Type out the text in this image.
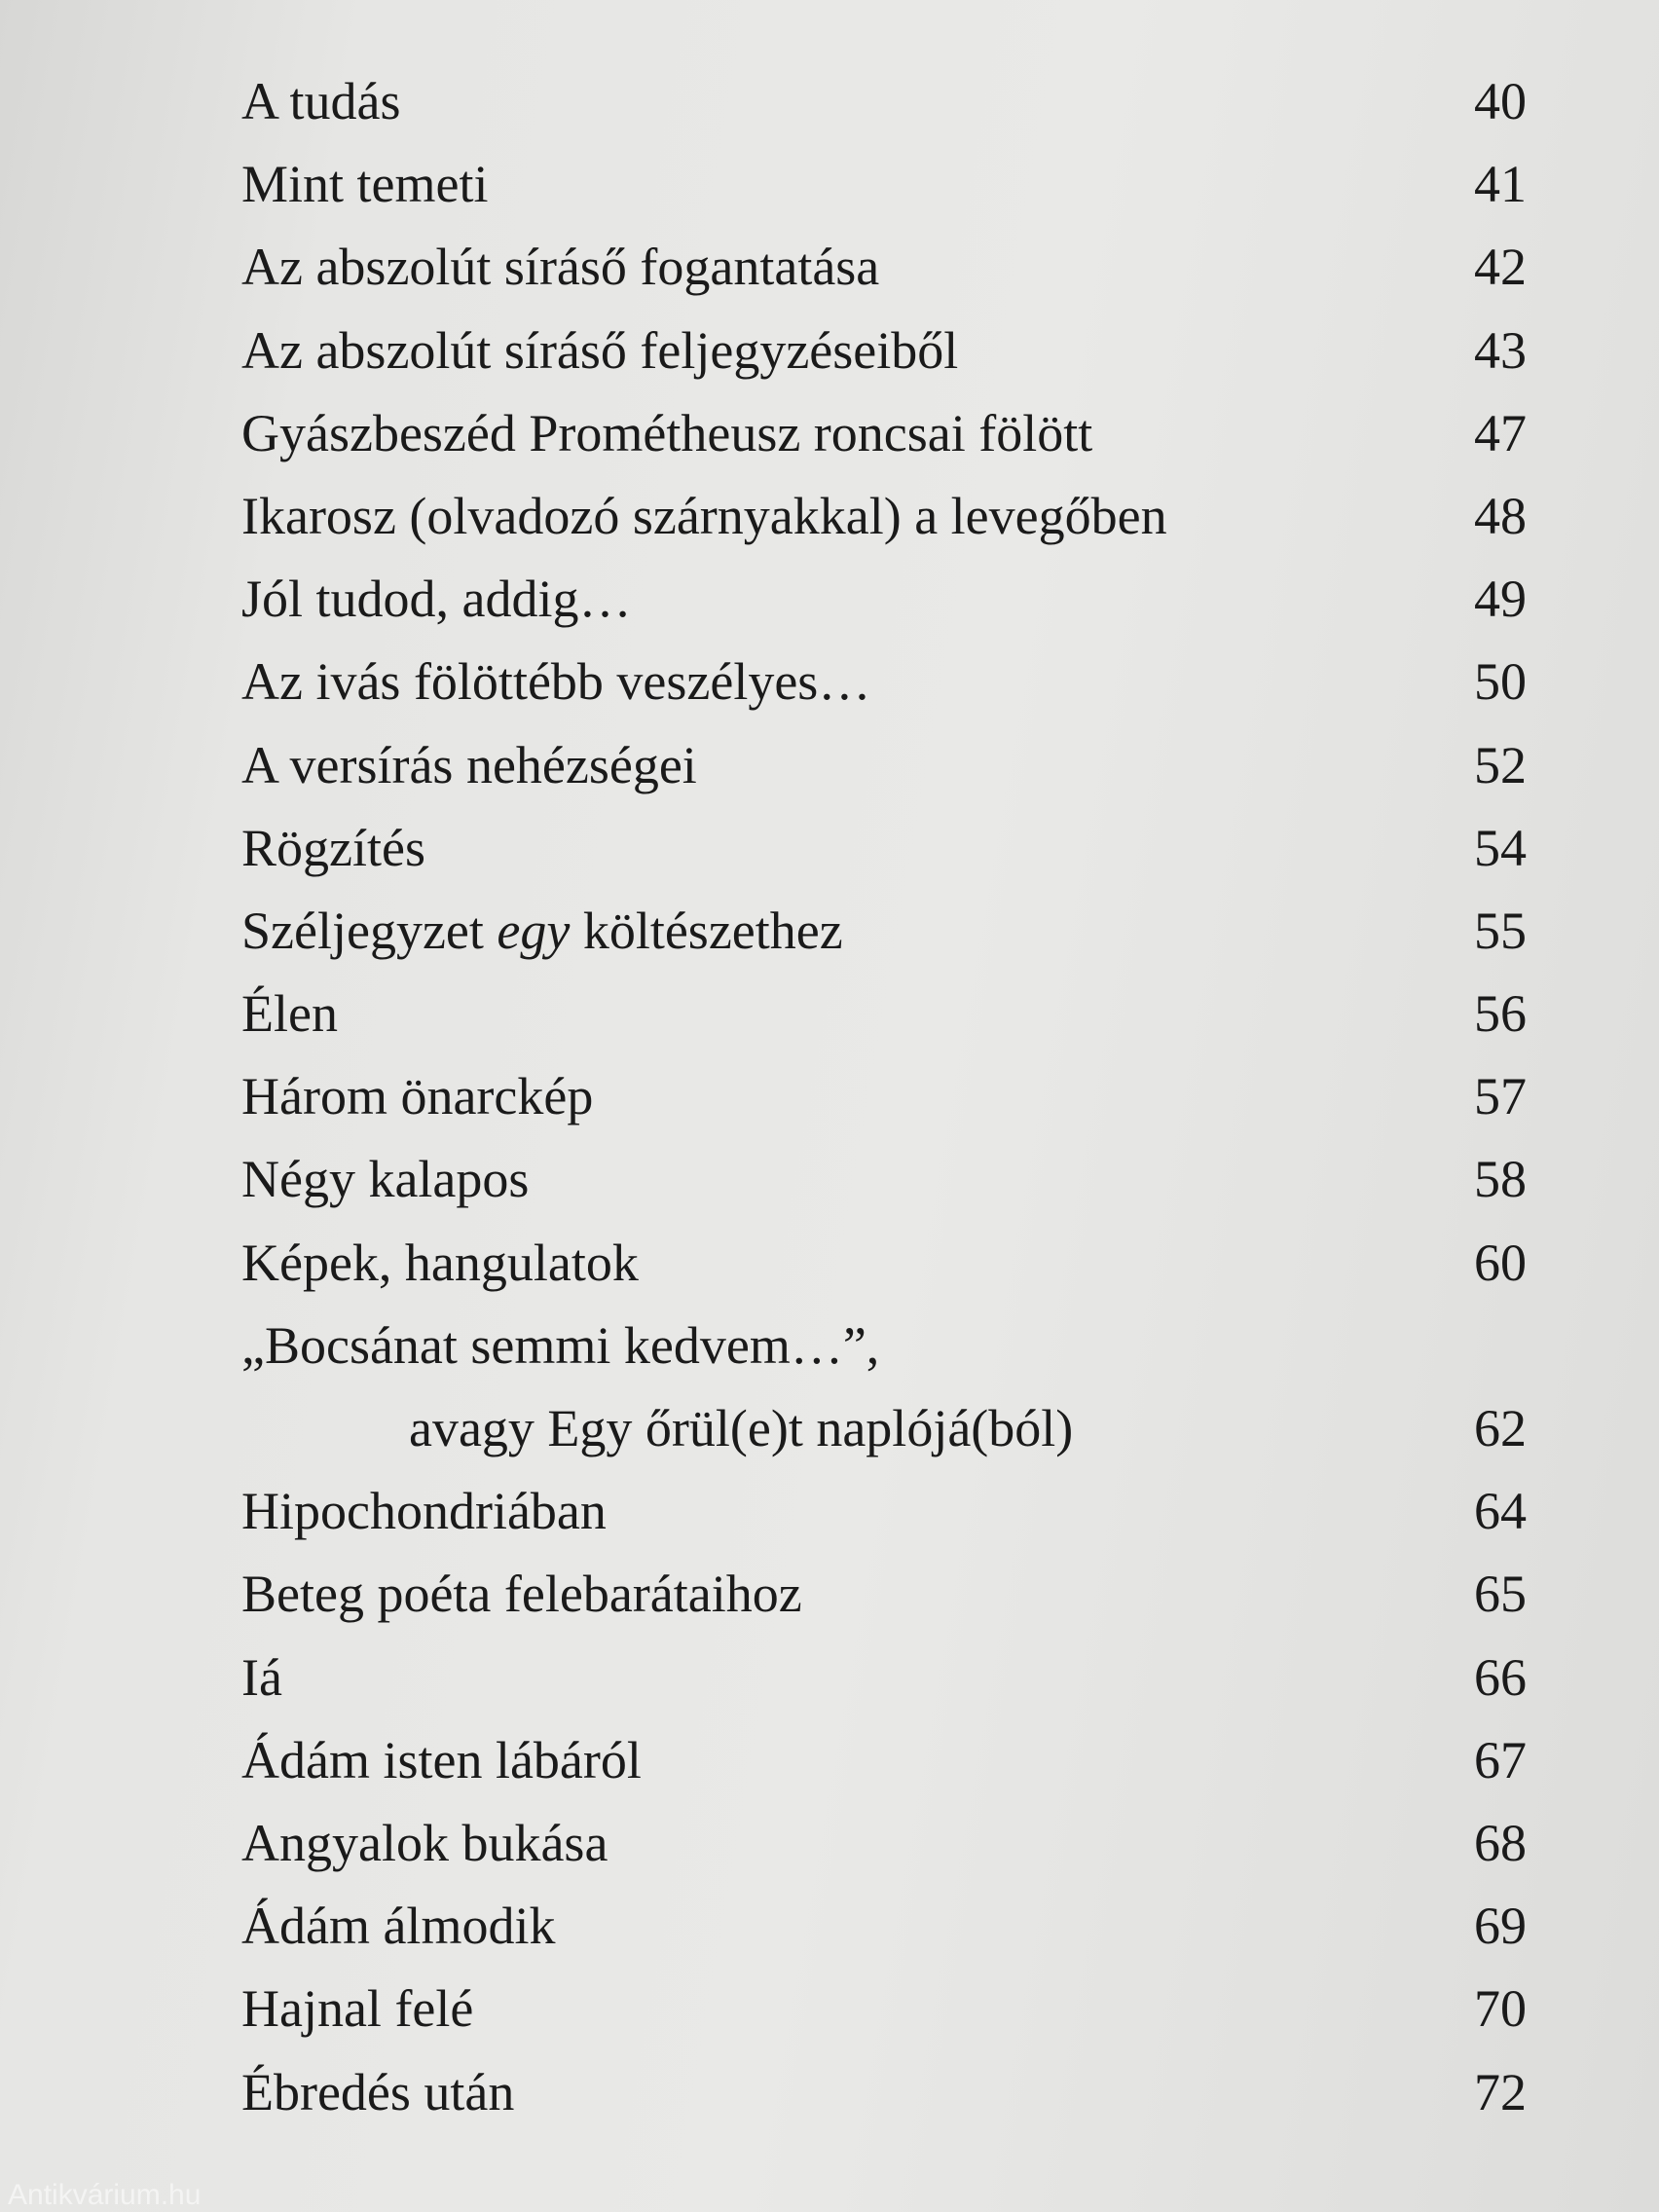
A tudás	40
Mint temeti	41
Az abszolút síráső fogantatása	42
Az abszolút síráső feljegyzéseiből	43
Gyászbeszéd Prométheusz roncsai fölött	47
Ikarosz (olvadozó szárnyakkal) a levegőben	48
Jól tudod, addig…	49
Az ivás fölöttébb veszélyes…	50
A versírás nehézségei	52
Rögzítés	54
Széljegyzet egy költészethez	55
Élen	56
Három önarckép	57
Négy kalapos	58
Képek, hangulatok	60
„Bocsánat semmi kedvem…”,
avagy Egy őrül(e)t naplójá(ból)	62
Hipochondriában	64
Beteg poéta felebarátaihoz	65
Iá	66
Ádám isten lábáról	67
Angyalok bukása	68
Ádám álmodik	69
Hajnal felé	70
Ébredés után	72
Antikvárium.hu
